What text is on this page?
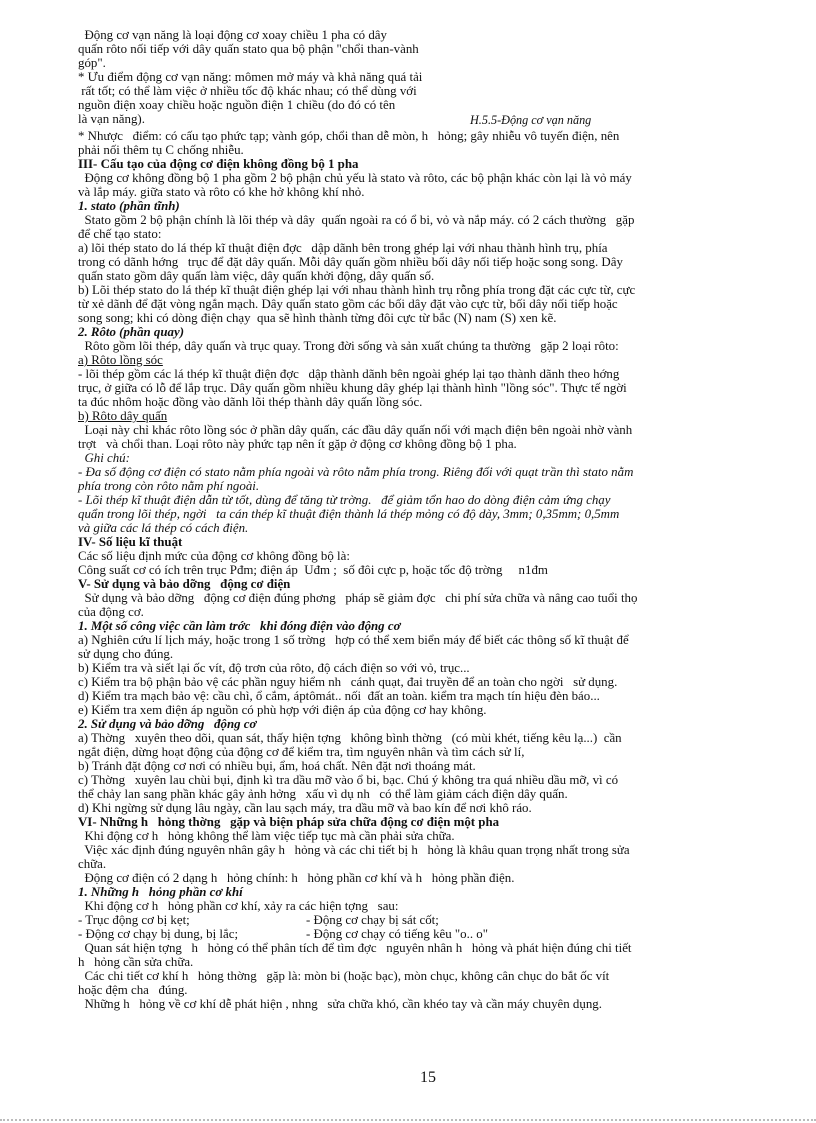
Động cơ vạn năng là loại động cơ xoay chiều 1 pha có dây

quấn rôto nối tiếp với dây quấn stato qua bộ phận "chổi than-vành

góp".

* Ưu điểm động cơ vạn năng: mômen mở máy và khả năng quá tải

rất tốt; có thể làm việc ở nhiều tốc độ khác nhau; có thể dùng với

nguồn điện xoay chiều hoặc nguồn điện 1 chiều (do đó có tên

là vạn năng).	H.5.5-Động cơ vạn năng

* Nhược   điểm: có cấu tạo phức tạp; vành góp, chổi than dễ mòn, h   hỏng; gây nhiễu vô tuyến điện, nên

phải nối thêm tụ C chống nhiễu.

III- Cấu tạo của động cơ điện không đồng bộ 1 pha

Động cơ không đồng bộ 1 pha gồm 2 bộ phận chủ yếu là stato và rôto, các bộ phận khác còn lại là vỏ máy

và lắp máy. giữa stato và rôto có khe hở không khí nhỏ.

1. stato (phần tĩnh)

Stato gồm 2 bộ phận chính là lõi thép và dây  quấn ngoài ra có ổ bi, vỏ và nắp máy. có 2 cách thường   gặp

để chế tạo stato:

a) lõi thép stato do lá thép kĩ thuật điện đợc   dập dãnh bên trong ghép lại với nhau thành hình trụ, phía

trong có dãnh hớng   trục để đặt dây quấn. Mỗi dây quấn gồm nhiều bối dây nối tiếp hoặc song song. Dây

quấn stato gồm dây quấn làm việc, dây quấn khởi động, dây quấn số.

b) Lõi thép stato do lá thép kĩ thuật điện ghép lại với nhau thành hình trụ rỗng phía trong đặt các cực từ, cực

từ xẻ dãnh để đặt vòng ngắn mạch. Dây quấn stato gồm các bối dây đặt vào cực từ, bối dây nối tiếp hoặc

song song; khi có dòng điện chạy  qua sẽ hình thành từng đôi cực từ bắc (N) nam (S) xen kẽ.

2. Rôto (phần quay)

Rôto gồm lõi thép, dây quấn và trục quay. Trong đời sống và sản xuất chúng ta thường   gặp 2 loại rôto:

a) Rôto lồng sóc

- lõi thép gồm các lá thép kĩ thuật điện đợc   dập thành dãnh bên ngoài ghép lại tạo thành dãnh theo hớng

trục, ở giữa có lỗ để lắp trục. Dây quấn gồm nhiều khung dây ghép lại thành hình "lồng sóc". Thực tế ngời

ta đúc nhôm hoặc đồng vào dãnh lõi thép thành dây quấn lồng sóc.

b) Rôto dây quấn

Loại này chỉ khác rôto lồng sóc ở phần dây quấn, các đầu dây quấn nối với mạch điện bên ngoài nhờ vành

trợt   và chổi than. Loại rôto này phức tạp nên ít gặp ở động cơ không đồng bộ 1 pha.

Ghi chú:

- Đa số động cơ điện có stato nằm phía ngoài và rôto nằm phía trong. Riêng đối với quạt trần thì stato nằm

phía trong còn rôto nằm phí ngoài.

- Lõi thép kĩ thuật điện dẫn từ tốt, dùng để tăng từ trờng.   để giảm tổn hao do dòng điện cảm ứng chạy

quẩn trong lõi thép, ngời   ta cán thép kĩ thuật điện thành lá thép mỏng có độ dày, 3mm; 0,35mm; 0,5mm

và giữa các lá thép có cách điện.

IV- Số liệu kĩ thuật

Các số liệu định mức của động cơ không đồng bộ là:

Công suất cơ có ích trên trục Pđm; điện áp  Uđm ;  số đôi cực p, hoặc tốc độ trờng     n1đm

V- Sử dụng và bảo dỡng   động cơ điện

Sử dụng và bảo dỡng   động cơ điện đúng phơng   pháp sẽ giảm đợc   chi phí sửa chữa và nâng cao tuổi thọ

của động cơ.

1. Một số công việc cần làm trớc   khi đóng điện vào động cơ

a) Nghiên cứu lí lịch máy, hoặc trong 1 số trờng   hợp có thể xem biển máy để biết các thông số kĩ thuật để

sử dụng cho đúng.

b) Kiểm tra và siết lại ốc vít, độ trơn của rôto, độ cách điện so với vỏ, trục...

c) Kiểm tra bộ phận bảo vệ các phần nguy hiểm nh   cánh quạt, đai truyền để an toàn cho ngời   sử dụng.

d) Kiểm tra mạch bảo vệ: cầu chì, ổ cắm, áptômát.. nối  đất an toàn. kiểm tra mạch tín hiệu đèn báo...

e) Kiểm tra xem điện áp nguồn có phù hợp với điện áp của động cơ hay không.

2. Sử dụng và bảo dỡng   động cơ

a) Thờng   xuyên theo dõi, quan sát, thấy hiện tợng   không bình thờng   (có mùi khét, tiếng kêu lạ...)  cần

ngắt điện, dừng hoạt động của động cơ để kiểm tra, tìm nguyên nhân và tìm cách sử lí,

b) Tránh đặt động cơ nơi có nhiều bụi, ẩm, hoá chất. Nên đặt nơi thoáng mát.

c) Thờng   xuyên lau chùi bụi, định kì tra dầu mỡ vào ổ bi, bạc. Chú ý không tra quá nhiều dầu mỡ, vì có

thể chảy lan sang phần khác gây ảnh hởng   xấu vì dụ nh   có thể làm giảm cách điện dây quấn.

d) Khi ngừng sử dụng lâu ngày, cần lau sạch máy, tra dầu mỡ và bao kín để nơi khô ráo.

VI- Những h   hỏng thờng   gặp và biện pháp sửa chữa động cơ điện một pha

Khi động cơ h   hỏng không thể làm việc tiếp tục mà cần phải sửa chữa.

Việc xác định đúng nguyên nhân gây h   hỏng và các chi tiết bị h   hỏng là khâu quan trọng nhất trong sửa

chữa.

Động cơ điện có 2 dạng h   hỏng chính: h   hỏng phần cơ khí và h   hỏng phần điện.

1. Những h   hỏng phần cơ khí

Khi động cơ h   hỏng phần cơ khí, xảy ra các hiện tợng   sau:

- Trục động cơ bị kẹt;	- Động cơ chạy bị sát cốt;

- Động cơ chạy bị dung, bị lắc;	- Động cơ chạy có tiếng kêu "o.. o"

Quan sát hiện tợng   h   hỏng có thể phân tích để tìm đợc   nguyên nhân h   hỏng và phát hiện đúng chi tiết

h   hỏng cần sửa chữa.

Các chi tiết cơ khí h   hỏng thờng   gặp là: mòn bi (hoặc bạc), mòn chục, không cân chục do bắt ốc vít

hoặc đệm cha   đúng.

Những h   hỏng về cơ khí dễ phát hiện , nhng   sửa chữa khó, cần khéo tay và cần máy chuyên dụng.

15
